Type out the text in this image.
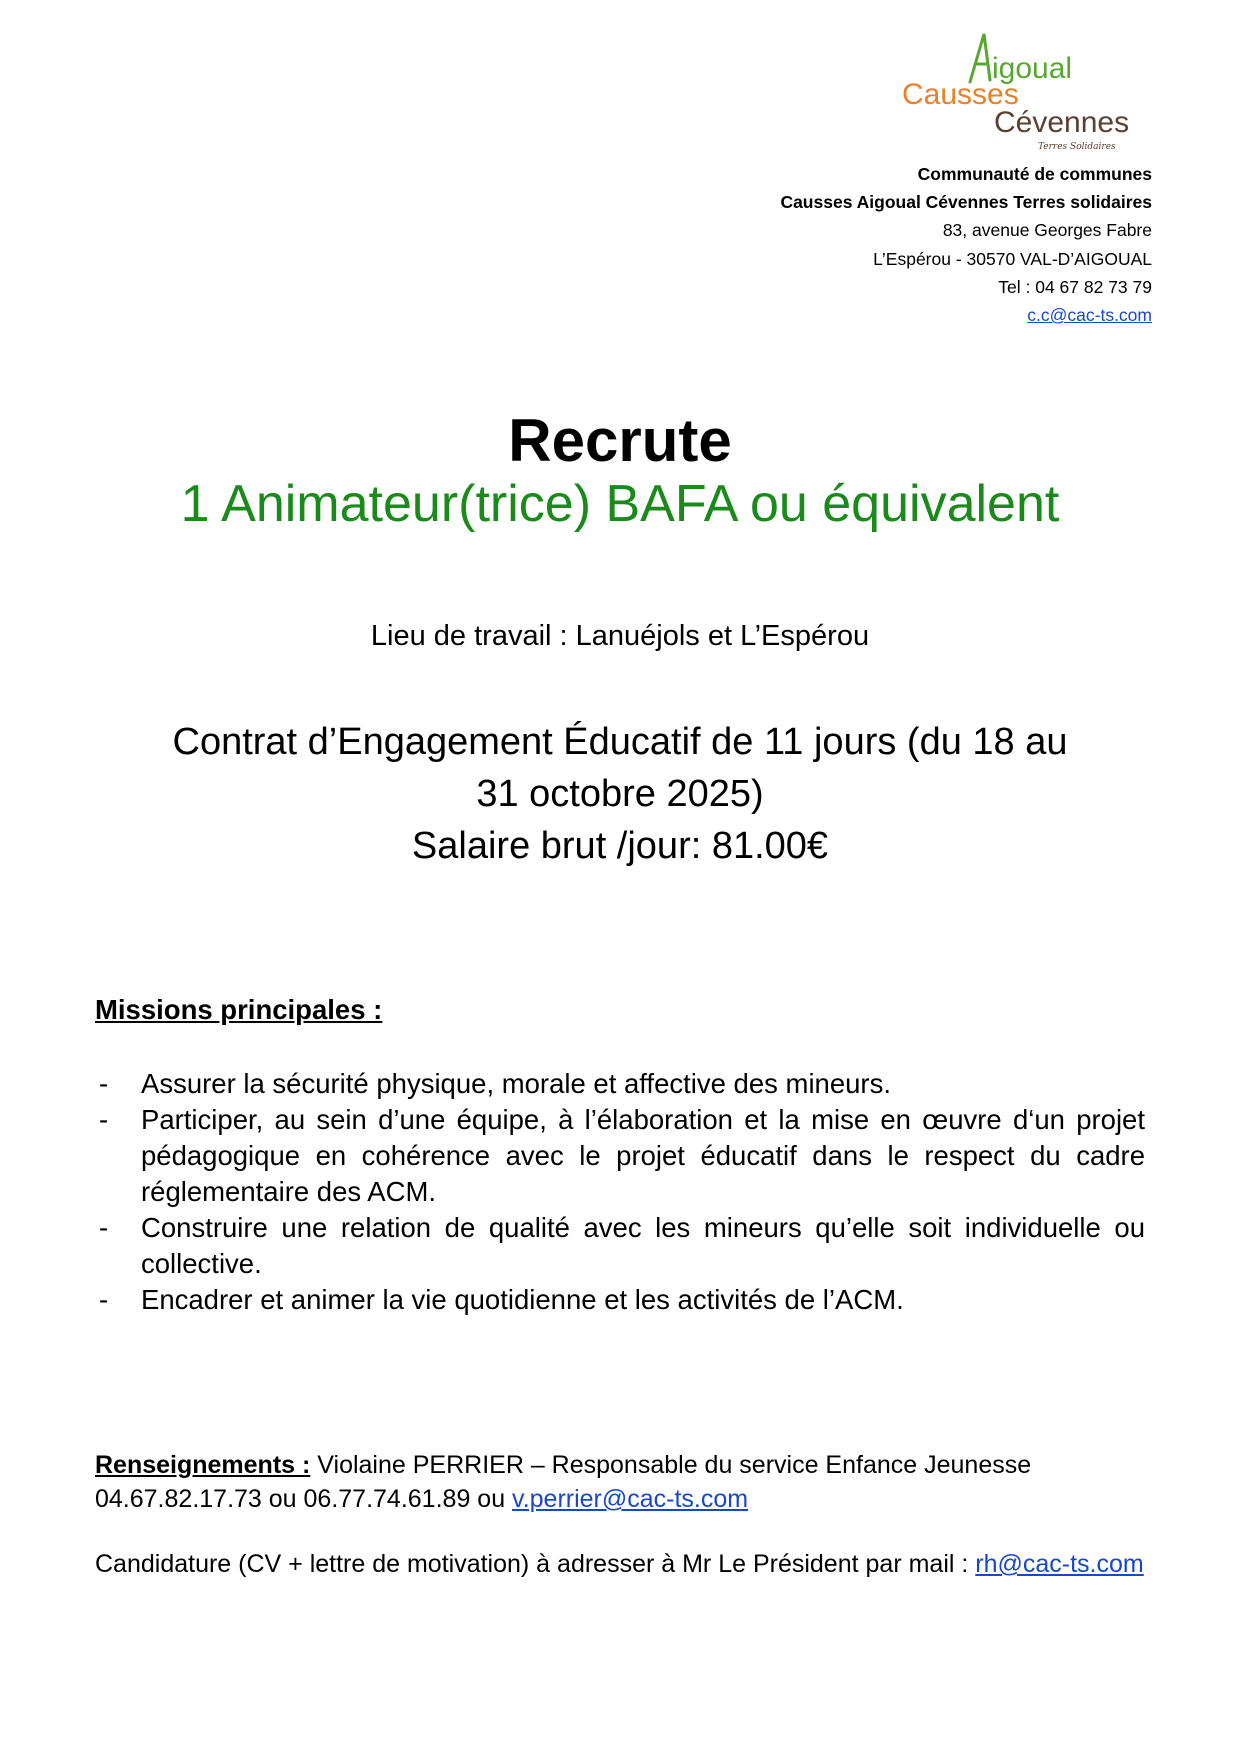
igoual
Causses
Cévennes
Terres Solidaires
Communauté de communes
Causses Aigoual Cévennes Terres solidaires
83, avenue Georges Fabre
L’Espérou - 30570 VAL-D’AIGOUAL
Tel : 04 67 82 73 79
c.c@cac-ts.com
Recrute
1 Animateur(trice) BAFA ou équivalent
Lieu de travail : Lanuéjols et L’Espérou
Contrat d’Engagement Éducatif de 11 jours (du 18 au
31 octobre 2025)
Salaire brut /jour: 81.00€
Missions principales :
- Assurer la sécurité physique, morale et affective des mineurs.
- Participer, au sein d’une équipe, à l’élaboration et la mise en œuvre d‘un projet pédagogique en cohérence avec le projet éducatif dans le respect du cadre réglementaire des ACM.
- Construire une relation de qualité avec les mineurs qu’elle soit individuelle ou collective.
- Encadrer et animer la vie quotidienne et les activités de l’ACM.
Renseignements : Violaine PERRIER – Responsable du service Enfance Jeunesse
04.67.82.17.73 ou 06.77.74.61.89 ou v.perrier@cac-ts.com
Candidature (CV + lettre de motivation) à adresser à Mr Le Président par mail : rh@cac-ts.com
